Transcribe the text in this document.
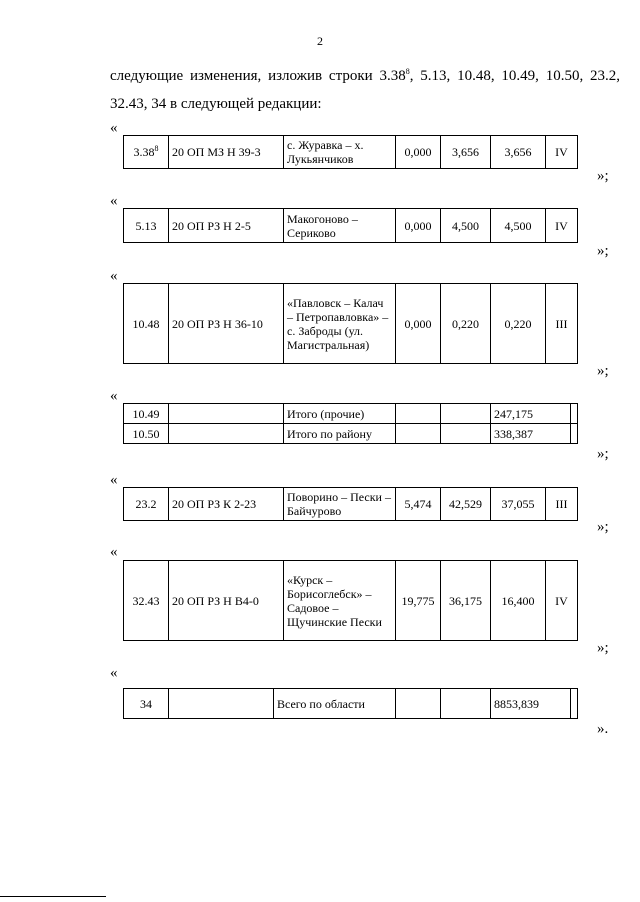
2
следующие изменения, изложив строки 3.38$^8$, 5.13, 10.48, 10.49, 10.50, 23.2,
32.43, 34 в следующей редакции:
«
3.38$^8$	20 ОП МЗ Н 39-3	с. Журавка – х. Лукьянчиков	0,000	3,656	3,656	IV
»;
«
5.13	20 ОП РЗ Н 2-5	Макогоново – Сериково	0,000	4,500	4,500	IV
»;
«
10.48	20 ОП РЗ Н 36-10	«Павловск – Калач – Петропавловка» – с. Заброды (ул. Магистральная)	0,000	0,220	0,220	III
»;
«
10.49		Итого (прочие)			247,175	
10.50		Итого по району			338,387	
»;
«
23.2	20 ОП РЗ К 2-23	Поворино – Пески – Байчурово	5,474	42,529	37,055	III
»;
«
32.43	20 ОП РЗ Н В4-0	«Курск – Борисоглебск» – Садовое – Щучинские Пески	19,775	36,175	16,400	IV
»;
«
34		Всего по области			8853,839	
».
